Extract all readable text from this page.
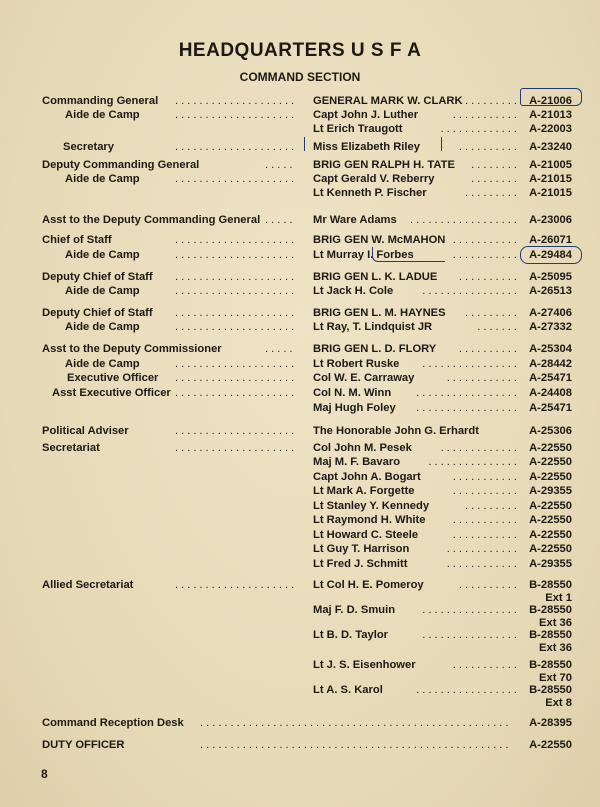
HEADQUARTERS U S F A
COMMAND SECTION
Commanding General .................... GENERAL MARK W. CLARK ......... A-21006
Aide de Camp	.................... Capt John J. Luther	........... A-21013
Lt Erich Traugott	............. A-22003
Secretary	.................... Miss Elizabeth Riley	.......... A-23240
Deputy Commanding General	..... BRIG GEN RALPH H. TATE ........ A-21005
Aide de Camp	.................... Capt Gerald V. Reberry	........ A-21015
Lt Kenneth P. Fischer	......... A-21015
Asst to the Deputy Commanding General ..... Mr Ware Adams .................. A-23006
Chief of Staff	.................... BRIG GEN W. McMAHON ........... A-26071
Aide de Camp	.................... Lt Murray I. Forbes	........... A-29484
Deputy Chief of Staff .................... BRIG GEN L. K. LADUE .......... A-25095
Aide de Camp	.................... Lt Jack H. Cole	................ A-26513
Deputy Chief of Staff .................... BRIG GEN L. M. HAYNES ......... A-27406
Aide de Camp	.................... Lt Ray, T. Lindquist JR	....... A-27332
Asst to the Deputy Commissioner	..... BRIG GEN L. D. FLORY .......... A-25304
Aide de Camp	.................... Lt Robert Ruske ................ A-28442
Executive Officer .................... Col W. E. Carraway	............ A-25471
Asst Executive Officer .................... Col N. M. Winn ................. A-24408
Maj Hugh Foley ................. A-25471
Political Adviser	.................... The Honorable John G. Erhardt	A-25306
Secretariat	.................... Col John M. Pesek	............. A-22550
Maj M. F. Bavaro	............... A-22550
Capt John A. Bogart	........... A-22550
Lt Mark A. Forgette	........... A-29355
Lt Stanley Y. Kennedy	......... A-22550
Lt Raymond H. White ........... A-22550
Lt Howard C. Steele	........... A-22550
Lt Guy T. Harrison	............ A-22550
Lt Fred J. Schmitt	............ A-29355
Allied Secretariat	.................... Lt Col H. E. Pomeroy	.......... B-28550
Ext 1
Maj F. D. Smuin ................ B-28550
Ext 36
Lt B. D. Taylor	................ B-28550
Ext 36
Lt J. S. Eisenhower	........... B-28550
Ext 70
Lt A. S. Karol	................. B-28550
Ext 8
Command Reception Desk ................................................... A-28395
DUTY OFFICER	................................................... A-22550
8
